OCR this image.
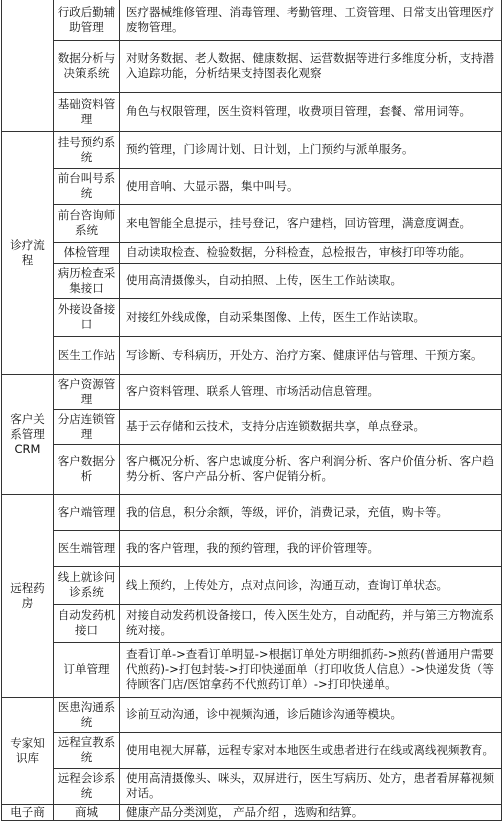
	行政后勤辅助管理	医疗器械维修管理、消毒管理、考勤管理、工资管理、日常支出管理医疗废物管理。
	数据分析与决策系统	对财务数据、老人数据、健康数据、运营数据等进行多维度分析，支持潜入追踪功能，分析结果支持图表化观察
	基础资料管理	角色与权限管理，医生资料管理，收费项目管理，套餐、常用词等。
诊疗流程	挂号预约系统	预约管理，门诊周计划、日计划，上门预约与派单服务。
	前台叫号系统	使用音响、大显示器，集中叫号。
	前台咨询师系统	来电智能全息提示，挂号登记，客户建档，回访管理，满意度调查。
	体检管理	自动读取检查、检验数据，分科检查，总检报告，审核打印等功能。
	病历检查采集接口	使用高清摄像头，自动拍照、上传，医生工作站读取。
	外接设备接口	对接红外线成像，自动采集图像、上传，医生工作站读取。
	医生工作站	写诊断、专科病历，开处方、治疗方案、健康评估与管理、干预方案。
客户关系管理CRM	客户资源管理	客户资料管理、联系人管理、市场活动信息管理。
	分店连锁管理	基于云存储和云技术，支持分店连锁数据共享，单点登录。
	客户数据分析	客户概况分析、客户忠诚度分析、客户利润分析、客户价值分析、客户趋势分析、客户产品分析、客户促销分析。
远程药房	客户端管理	我的信息，积分余额，等级，评价，消费记录，充值，购卡等。
	医生端管理	我的客户管理，我的预约管理，我的评价管理等。
	线上就诊问诊系统	线上预约，上传处方，点对点问诊，沟通互动，查询订单状态。
	自动发药机接口	对接自动发药机设备接口，传入医生处方，自动配药，并与第三方物流系统对接。
	订单管理	查看订单->查看订单明显->根据订单处方明细抓药->煎药(普通用户需要代煎药)->打包封装->打印快递面单（打印收货人信息）->快递发货（等待顾客门店/医馆拿药不代煎药订单）->打印快递单。
专家知识库	医患沟通系统	诊前互动沟通，诊中视频沟通，诊后随诊沟通等模块。
	远程宣教系统	使用电视大屏幕，远程专家对本地医生或患者进行在线或离线视频教育。
	远程会诊系统	使用高清摄像头、咪头，双屏进行，医生写病历、处方，患者看屏幕视频对话。
电子商	商城	健康产品分类浏览， 产品介绍 ，选购和结算。
